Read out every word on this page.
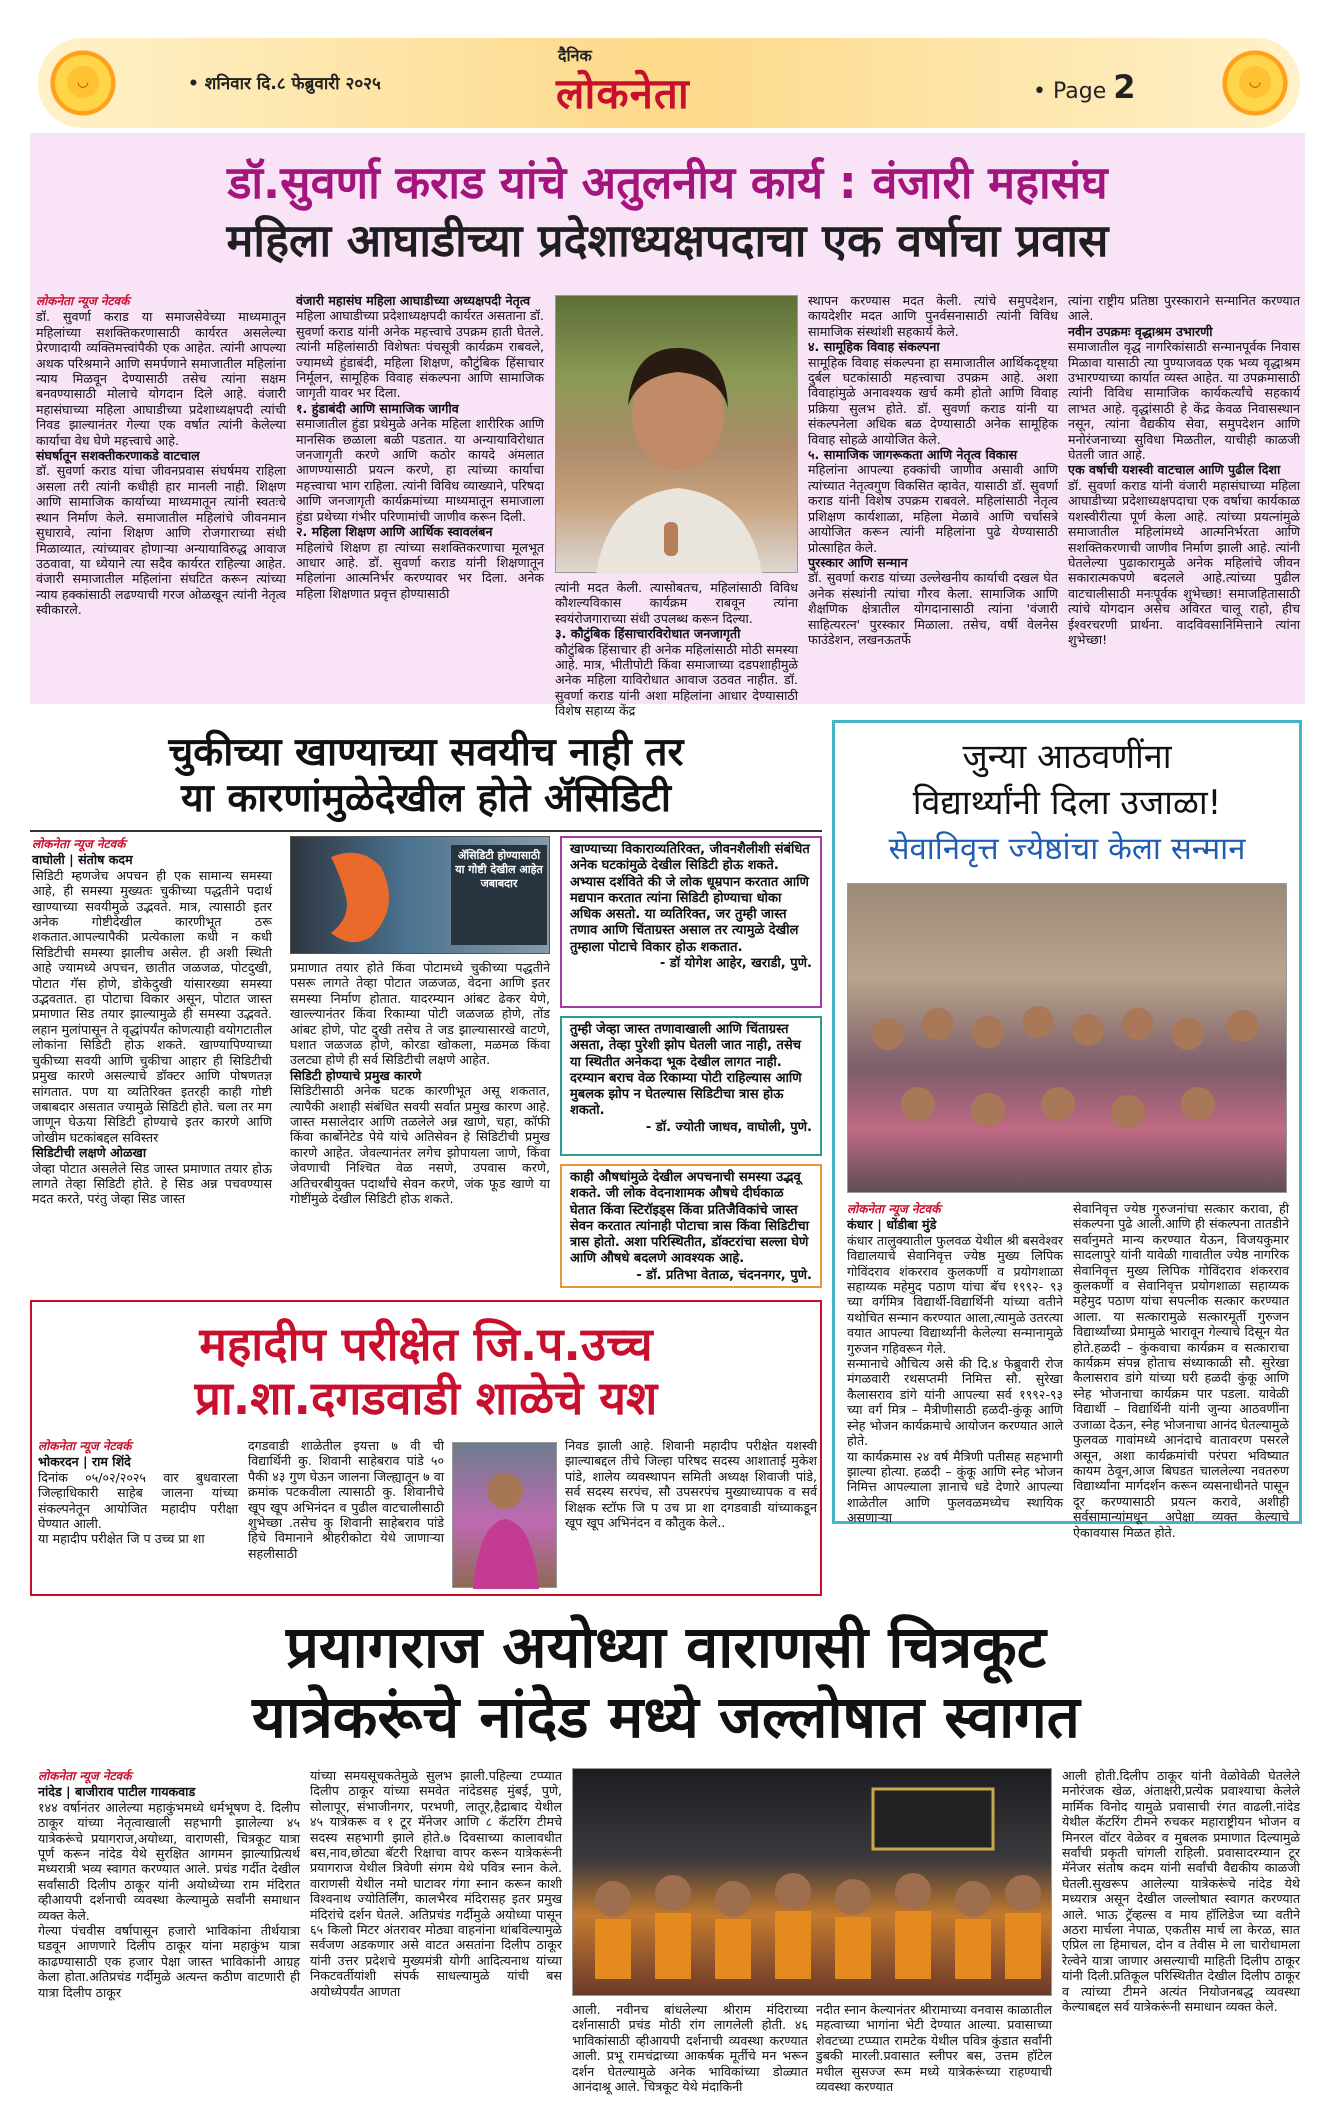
◡	• शनिवार दि.८ फेब्रुवारी २०२५
दैनिक
लोकनेता	• Page 2	◡
डॉ.सुवर्णा कराड यांचे अतुलनीय कार्य : वंजारी महासंघ
महिला आघाडीच्या प्रदेशाध्यक्षपदाचा एक वर्षाचा प्रवास
लोकनेता न्यूज नेटवर्क
डॉ. सुवर्णा कराड या समाजसेवेच्या माध्यमातून महिलांच्या सशक्तिकरणासाठी कार्यरत असलेल्या प्रेरणादायी व्यक्तिमत्त्वांपैकी एक आहेत. त्यांनी आपल्या अथक परिश्रमाने आणि समर्पणाने समाजातील महिलांना न्याय मिळवून देण्यासाठी तसेच त्यांना सक्षम बनवण्यासाठी मोलाचे योगदान दिले आहे. वंजारी महासंघाच्या महिला आघाडीच्या प्रदेशाध्यक्षपदी त्यांची निवड झाल्यानंतर गेल्या एक वर्षात त्यांनी केलेल्या कार्याचा वेध घेणे महत्त्वाचे आहे.
संघर्षातून सशक्तीकरणाकडे वाटचाल
डॉ. सुवर्णा कराड यांचा जीवनप्रवास संघर्षमय राहिला असला तरी त्यांनी कधीही हार मानली नाही. शिक्षण आणि सामाजिक कार्याच्या माध्यमातून त्यांनी स्वतःचे स्थान निर्माण केले. समाजातील महिलांचे जीवनमान सुधारावे, त्यांना शिक्षण आणि रोजगाराच्या संधी मिळाव्यात, त्यांच्यावर होणाऱ्या अन्यायाविरुद्ध आवाज उठवावा, या ध्येयाने त्या सदैव कार्यरत राहिल्या आहेत. वंजारी समाजातील महिलांना संघटित करून त्यांच्या न्याय हक्कांसाठी लढण्याची गरज ओळखून त्यांनी नेतृत्व स्वीकारले.
वंजारी महासंघ महिला आघाडीच्या अध्यक्षपदी नेतृत्व
महिला आघाडीच्या प्रदेशाध्यक्षपदी कार्यरत असताना डॉ. सुवर्णा कराड यांनी अनेक महत्त्वाचे उपक्रम हाती घेतले. त्यांनी महिलांसाठी विशेषतः पंचसूत्री कार्यक्रम राबवले, ज्यामध्ये हुंडाबंदी, महिला शिक्षण, कौटुंबिक हिंसाचार निर्मूलन, सामूहिक विवाह संकल्पना आणि सामाजिक जागृती यावर भर दिला.
१. हुंडाबंदी आणि सामाजिक जागीव
समाजातील हुंडा प्रथेमुळे अनेक महिला शारीरिक आणि मानसिक छळाला बळी पडतात. या अन्यायाविरोधात जनजागृती करणे आणि कठोर कायदे अंमलात आणण्यासाठी प्रयत्न करणे, हा त्यांच्या कार्याचा महत्त्वाचा भाग राहिला. त्यांनी विविध व्याख्याने, परिषदा आणि जनजागृती कार्यक्रमांच्या माध्यमातून समाजाला हुंडा प्रथेच्या गंभीर परिणामांची जाणीव करून दिली.
२. महिला शिक्षण आणि आर्थिक स्वावलंबन
महिलांचे शिक्षण हा त्यांच्या सशक्तिकरणाचा मूलभूत आधार आहे. डॉ. सुवर्णा कराड यांनी शिक्षणातून महिलांना आत्मनिर्भर करण्यावर भर दिला. अनेक महिला शिक्षणात प्रवृत्त होण्यासाठी	त्यांनी मदत केली. त्यासोबतच, महिलांसाठी विविध कौशल्यविकास कार्यक्रम राबवून त्यांना स्वयंरोजगाराच्या संधी उपलब्ध करून दिल्या.
३. कौटुंबिक हिंसाचारविरोधात जनजागृती
कौटुंबिक हिंसाचार ही अनेक महिलांसाठी मोठी समस्या आहे. मात्र, भीतीपोटी किंवा समाजाच्या दडपशाहीमुळे अनेक महिला याविरोधात आवाज उठवत नाहीत. डॉ. सुवर्णा कराड यांनी अशा महिलांना आधार देण्यासाठी विशेष सहाय्य केंद्र
स्थापन करण्यास मदत केली. त्यांचे समुपदेशन, कायदेशीर मदत आणि पुनर्वसनासाठी त्यांनी विविध सामाजिक संस्थांशी सहकार्य केले.
४. सामूहिक विवाह संकल्पना
सामूहिक विवाह संकल्पना हा समाजातील आर्थिकदृष्ट्या दुर्बल घटकांसाठी महत्त्वाचा उपक्रम आहे. अशा विवाहांमुळे अनावश्यक खर्च कमी होतो आणि विवाह प्रक्रिया सुलभ होते. डॉ. सुवर्णा कराड यांनी या संकल्पनेला अधिक बळ देण्यासाठी अनेक सामूहिक विवाह सोहळे आयोजित केले.
५. सामाजिक जागरूकता आणि नेतृत्व विकास
महिलांना आपल्या हक्कांची जाणीव असावी आणि त्यांच्यात नेतृत्वगुण विकसित व्हावेत, यासाठी डॉ. सुवर्णा कराड यांनी विशेष उपक्रम राबवले. महिलांसाठी नेतृत्व प्रशिक्षण कार्यशाळा, महिला मेळावे आणि चर्चासत्रे आयोजित करून त्यांनी महिलांना पुढे येण्यासाठी प्रोत्साहित केले.
पुरस्कार आणि सन्मान
डॉ. सुवर्णा कराड यांच्या उल्लेखनीय कार्याची दखल घेत अनेक संस्थांनी त्यांचा गौरव केला. सामाजिक आणि शैक्षणिक क्षेत्रातील योगदानासाठी त्यांना 'वंजारी साहित्यरत्न' पुरस्कार मिळाला. तसेच, वर्षी वेलनेस फाउंडेशन, लखनऊतर्फे
त्यांना राष्ट्रीय प्रतिष्ठा पुरस्काराने सन्मानित करण्यात आले.
नवीन उपक्रमः वृद्धाश्रम उभारणी
समाजातील वृद्ध नागरिकांसाठी सन्मानपूर्वक निवास मिळावा यासाठी त्या पुण्याजवळ एक भव्य वृद्धाश्रम उभारण्याच्या कार्यात व्यस्त आहेत. या उपक्रमासाठी त्यांनी विविध सामाजिक कार्यकर्त्यांचे सहकार्य लाभत आहे. वृद्धांसाठी हे केंद्र केवळ निवासस्थान नसून, त्यांना वैद्यकीय सेवा, समुपदेशन आणि मनोरंजनाच्या सुविधा मिळतील, याचीही काळजी घेतली जात आहे.
एक वर्षाची यशस्वी वाटचाल आणि पुढील दिशा
डॉ. सुवर्णा कराड यांनी वंजारी महासंघाच्या महिला आघाडीच्या प्रदेशाध्यक्षपदाचा एक वर्षाचा कार्यकाळ यशस्वीरीत्या पूर्ण केला आहे. त्यांच्या प्रयत्नांमुळे समाजातील महिलांमध्ये आत्मनिर्भरता आणि सशक्तिकरणाची जाणीव निर्माण झाली आहे. त्यांनी घेतलेल्या पुढाकारामुळे अनेक महिलांचे जीवन सकारात्मकपणे बदलले आहे.त्यांच्या पुढील वाटचालीसाठी मनःपूर्वक शुभेच्छा! समाजहितासाठी त्यांचे योगदान असेच अविरत चालू राहो, हीच ईश्वरचरणी प्रार्थना. वादविवसानिमित्ताने त्यांना शुभेच्छा!
चुकीच्या खाण्याच्या सवयीच नाही तर
या कारणांमुळेदेखील होते ॲसिडिटी
लोकनेता न्यूज नेटवर्क
वाघोली | संतोष कदम
सिडिटी म्हणजेच अपचन ही एक सामान्य समस्या आहे, ही समस्या मुख्यतः चुकीच्या पद्धतीने पदार्थ खाण्याच्या सवयीमुळे उद्भवते. मात्र, त्यासाठी इतर अनेक गोष्टीदेखील कारणीभूत ठरू शकतात.आपल्यापैकी प्रत्येकाला कधी न कधी सिडिटीची समस्या झालीच असेल. ही अशी स्थिती आहे ज्यामध्ये अपचन, छातीत जळजळ, पोटदुखी, पोटात गॅस होणे, डोकेदुखी यांसारख्या समस्या उद्भवतात. हा पोटाचा विकार असून, पोटात जास्त प्रमाणात सिड तयार झाल्यामुळे ही समस्या उद्भवते. लहान मुलांपासून ते वृद्धांपर्यंत कोणत्याही वयोगटातील लोकांना सिडिटी होऊ शकते. खाण्यापिण्याच्या चुकीच्या सवयी आणि चुकीचा आहार ही सिडिटीची प्रमुख कारणे असल्याचे डॉक्टर आणि पोषणतज्ञ सांगतात. पण या व्यतिरिक्त इतरही काही गोष्टी जबाबदार असतात ज्यामुळे सिडिटी होते. चला तर मग जाणून घेऊया सिडिटी होण्याचे इतर कारणे आणि जोखीम घटकांबद्दल सविस्तर
सिडिटीची लक्षणे ओळखा
जेव्हा पोटात असलेले सिड जास्त प्रमाणात तयार होऊ लागते तेव्हा सिडिटी होते. हे सिड अन्न पचवण्यास मदत करते, परंतु जेव्हा सिड जास्त
ॲसिडिटी होण्यासाठी या गोष्टी देखील आहेत जबाबदार
प्रमाणात तयार होते किंवा पोटामध्ये चुकीच्या पद्धतीने पसरू लागते तेव्हा पोटात जळजळ, वेदना आणि इतर समस्या निर्माण होतात. यादरम्यान आंबट ढेकर येणे, खाल्ल्यानंतर किंवा रिकाम्या पोटी जळजळ होणे, तोंड आंबट होणे, पोट दुखी तसेच ते जड झाल्यासारखे वाटणे, घशात जळजळ होणे, कोरडा खोकला, मळमळ किंवा उलट्या होणे ही सर्व सिडिटीची लक्षणे आहेत.
सिडिटी होण्याचे प्रमुख कारणे
सिडिटीसाठी अनेक घटक कारणीभूत असू शकतात, त्यापैकी अशाही संबंधित सवयी सर्वात प्रमुख कारण आहे. जास्त मसालेदार आणि तळलेले अन्न खाणे, चहा, कॉफी किंवा कार्बोनेटेड पेये यांचे अतिसेवन हे सिडिटीची प्रमुख कारणे आहेत. जेवल्यानंतर लगेच झोपायला जाणे, किंवा जेवणाची निश्चित वेळ नसणे, उपवास करणे, अतिचरबीयुक्त पदार्थांचे सेवन करणे, जंक फूड खाणे या गोष्टींमुळे देखील सिडिटी होऊ शकते.
खाण्याच्या विकाराव्यतिरिक्त, जीवनशैलीशी संबंधित अनेक घटकांमुळे देखील सिडिटी होऊ शकते. अभ्यास दर्शविते की जे लोक धूम्रपान करतात आणि मद्यपान करतात त्यांना सिडिटी होण्याचा धोका अधिक असतो. या व्यतिरिक्त, जर तुम्ही जास्त तणाव आणि चिंताग्रस्त असाल तर त्यामुळे देखील तुम्हाला पोटाचे विकार होऊ शकतात.
- डॉ योगेश आहेर, खराडी, पुणे.
तुम्ही जेव्हा जास्त तणावाखाली आणि चिंताग्रस्त असता, तेव्हा पुरेशी झोप घेतली जात नाही, तसेच या स्थितीत अनेकदा भूक देखील लागत नाही. दरम्यान बराच वेळ रिकाम्या पोटी राहिल्यास आणि मुबलक झोप न घेतल्यास सिडिटीचा त्रास होऊ शकतो.
- डॉ. ज्योती जाधव, वाघोली, पुणे.
काही औषधांमुळे देखील अपचनाची समस्या उद्भवू शकते. जी लोक वेदनाशामक औषधे दीर्घकाळ घेतात किंवा स्टिरॉइड्स किंवा प्रतिजैविकांचे जास्त सेवन करतात त्यांनाही पोटाचा त्रास किंवा सिडिटीचा त्रास होतो. अशा परिस्थितीत, डॉक्टरांचा सल्ला घेणे आणि औषधे बदलणे आवश्यक आहे.
- डॉ. प्रतिभा वेताळ, चंदननगर, पुणे.
जुन्या आठवणींना
विद्यार्थ्यांनी दिला उजाळा!
सेवानिवृत्त ज्येष्ठांचा केला सन्मान
लोकनेता न्यूज नेटवर्क
कंधार | धोंडीबा मुंडे
कंधार तालुक्यातील फुलवळ येथील श्री बसवेश्वर विद्यालयाचे सेवानिवृत्त ज्येष्ठ मुख्य लिपिक गोविंदराव शंकरराव कुलकर्णी व प्रयोगशाळा सहाय्यक महेमुद पठाण यांचा बॅच १९९२- ९३ च्या वर्गमित्र विद्यार्थी-विद्यार्थिनी यांच्या वतीने यथोचित सन्मान करण्यात आला,त्यामुळे उतरत्या वयात आपल्या विद्यार्थ्यांनी केलेल्या सन्मानामुळे गुरुजन गहिवरून गेले.
सन्मानाचे औचित्य असे की दि.४ फेब्रुवारी रोज मंगळवारी रथसप्तमी निमित्त सौ. सुरेखा कैलासराव डांगे यांनी आपल्या सर्व १९९२-९३ च्या वर्ग मित्र – मैत्रीणीसाठी हळदी-कुंकू आणि स्नेह भोजन कार्यक्रमाचे आयोजन करण्यात आले होते.
या कार्यक्रमास २४ वर्ष मैत्रिणी पतीसह सहभागी झाल्या होत्या. हळदी – कुंकू आणि स्नेह भोजन निमित्त आपल्याला ज्ञानाचे धडे देणारे आपल्या शाळेतील आणि फुलवळमध्येच स्थायिक असणाऱ्या
सेवानिवृत्त ज्येष्ठ गुरुजनांचा सत्कार करावा, ही संकल्पना पुढे आली.आणि ही संकल्पना तातडीने सर्वानुमते मान्य करण्यात येऊन, विजयकुमार सादलापुरे यांनी यावेळी गावातील ज्येष्ठ नागरिक सेवानिवृत्त मुख्य लिपिक गोविंदराव शंकरराव कुलकर्णी व सेवानिवृत्त प्रयोगशाळा सहाय्यक महेमुद पठाण यांचा सपत्नीक सत्कार करण्यात आला. या सत्कारामुळे सत्कारमूर्ती गुरुजन विद्यार्थ्यांच्या प्रेमामुळे भारावून गेल्याचे दिसून येत होते.हळदी – कुंकवाचा कार्यक्रम व सत्काराचा कार्यक्रम संपन्न होताच संध्याकाळी सौ. सुरेखा कैलासराव डांगे यांच्या घरी हळदी कुंकू आणि स्नेह भोजनाचा कार्यक्रम पार पडला. यावेळी विद्यार्थी – विद्यार्थिनी यांनी जुन्या आठवणींना उजाळा देऊन, स्नेह भोजनाचा आनंद घेतल्यामुळे फुलवळ गावांमध्ये आनंदाचे वातावरण पसरले असून, अशा कार्यक्रमांची परंपरा भविष्यात कायम ठेवून,आज बिघडत चाललेल्या नवतरुण विद्यार्थ्यांना मार्गदर्शन करून व्यसनाधीनते पासून दूर करण्यासाठी प्रयत्न करावे, अशीही सर्वसामान्यांमधून अपेक्षा व्यक्त केल्याचे ऐकावयास मिळत होते.
महादीप परीक्षेत जि.प.उच्च
प्रा.शा.दगडवाडी शाळेचे यश
लोकनेता न्यूज नेटवर्क
भोकरदन | राम शिंदे
दिनांक ०५/०२/२०२५ वार बुधवारला जिल्हाधिकारी साहेब जालना यांच्या संकल्पनेतून आयोजित महादीप परीक्षा घेण्यात आली.
या महादीप परीक्षेत जि प उच्च प्रा शा
दगडवाडी शाळेतील इयत्ता ७ वी ची विद्यार्थिनी कु. शिवानी साहेबराव पांडे ५० पैकी ४३ गुण घेऊन जालना जिल्ह्यातून ७ वा क्रमांक पटकवीला त्यासाठी कु. शिवानीचे खूप खूप अभिनंदन व पुढील वाटचालीसाठी शुभेच्छा .तसेच कु शिवानी साहेबराव पांडे हिचे विमानाने श्रीहरीकोटा येथे जाणाऱ्या सहलीसाठी
निवड झाली आहे. शिवानी महादीप परीक्षेत यशस्वी झाल्याबद्दल तीचे जिल्हा परिषद सदस्य आशाताई मुकेश पांडे, शालेय व्यवस्थापन समिती अध्यक्ष शिवाजी पांडे, सर्व सदस्य सरपंच, सौ उपसरपंच मुख्याध्यापक व सर्व शिक्षक स्टॉफ जि प उच प्रा शा दगडवाडी यांच्याकडून खूप खूप अभिनंदन व कौतुक केले..
प्रयागराज अयोध्या वाराणसी चित्रकूट
यात्रेकरूंचे नांदेड मध्ये जल्लोषात स्वागत
लोकनेता न्यूज नेटवर्क
नांदेड | बाजीराव पाटील गायकवाड
१४४ वर्षानंतर आलेल्या महाकुंभमध्ये धर्मभूषण दे. दिलीप ठाकूर यांच्या नेतृत्वाखाली सहभागी झालेल्या ४५ यात्रेकरूंचे प्रयागराज,अयोध्या, वाराणसी, चित्रकूट यात्रा पूर्ण करून नांदेड येथे सुरक्षित आगमन झाल्याप्रित्यर्थ मध्यरात्री भव्य स्वागत करण्यात आले. प्रचंड गर्दीत देखील सर्वांसाठी दिलीप ठाकूर यांनी अयोध्येच्या राम मंदिरात व्हीआयपी दर्शनाची व्यवस्था केल्यामुळे सर्वांनी समाधान व्यक्त केले.
गेल्या पंचवीस वर्षापासून हजारो भाविकांना तीर्थयात्रा घडवून आणणारे दिलीप ठाकूर यांना महाकुंभ यात्रा काढण्यासाठी एक हजार पेक्षा जास्त भाविकांनी आग्रह केला होता.अतिप्रचंड गर्दीमुळे अत्यन्त कठीण वाटणारी ही यात्रा दिलीप ठाकूर
यांच्या समयसूचकतेमुळे सुलभ झाली.पहिल्या टप्प्यात दिलीप ठाकूर यांच्या समवेत नांदेडसह मुंबई, पुणे, सोलापूर, संभाजीनगर, परभणी, लातूर,हैद्राबाद येथील ४५ यात्रेकरू व १ टूर मॅनेजर आणि ८ कॅटरिंग टीमचे सदस्य सहभागी झाले होते.७ दिवसाच्या कालावधीत बस,नाव,छोट्या बॅटरी रिक्षाचा वापर करून यात्रेकरूंनी प्रयागराज येथील त्रिवेणी संगम येथे पवित्र स्नान केले. वाराणसी येथील नमो घाटावर गंगा स्नान करून काशी विश्वनाथ ज्योतिर्लिंग, कालभैरव मंदिरासह इतर प्रमुख मंदिरांचे दर्शन घेतले. अतिप्रचंड गर्दीमुळे अयोध्या पासून ६५ किलो मिटर अंतरावर मोठ्या वाहनांना थांबविल्यामुळे सर्वजण अडकणार असे वाटत असतांना दिलीप ठाकूर यांनी उत्तर प्रदेशचे मुख्यमंत्री योगी आदित्यनाथ यांच्या निकटवर्तीयांशी संपर्क साधल्यामुळे यांची बस अयोध्येपर्यंत आणता
आली. नवीनच बांधलेल्या श्रीराम मंदिराच्या दर्शनासाठी प्रचंड मोठी रांग लागलेली होती. ४६ भाविकांसाठी व्हीआयपी दर्शनाची व्यवस्था करण्यात आली. प्रभू रामचंद्राच्या आकर्षक मूर्तीचे मन भरून दर्शन घेतल्यामुळे अनेक भाविकांच्या डोळ्यात आनंदाश्रू आले. चित्रकूट येथे मंदाकिनी
नदीत स्नान केल्यानंतर श्रीरामाच्या वनवास काळातील महत्वाच्या भागांना भेटी देण्यात आल्या. प्रवासाच्या शेवटच्या टप्प्यात रामटेक येथील पवित्र कुंडात सर्वांनी डुबकी मारली.प्रवासात स्लीपर बस, उत्तम हॉटेल मधील सुसज्ज रूम मध्ये यात्रेकरूंच्या राहण्याची व्यवस्था करण्यात
आली होती.दिलीप ठाकूर यांनी वेळोवेळी घेतलेले मनोरंजक खेळ, अंताक्षरी,प्रत्येक प्रवाश्याचा केलेले मार्मिक विनोद यामुळे प्रवासाची रंगत वाढली.नांदेड येथील कॅटरिंग टीमने रुचकर महाराष्ट्रीयन भोजन व मिनरल वॉटर वेळेवर व मुबलक प्रमाणात दिल्यामुळे सर्वांची प्रकृती चांगली राहिली. प्रवासादरम्यान टूर मॅनेजर संतोष कदम यांनी सर्वांची वैद्यकीय काळजी घेतली.सुखरूप आलेल्या यात्रेकरूंचे नांदेड येथे मध्यरात्र असून देखील जल्लोषात स्वागत करण्यात आले. भाऊ ट्रॅव्हल्स व माय हॉलिडेज च्या वतीने अठरा मार्चला नेपाळ, एकतीस मार्च ला केरळ, सात एप्रिल ला हिमाचल, दोन व तेवीस मे ला चारोधामला रेल्वेने यात्रा जाणार असल्याची माहिती दिलीप ठाकूर यांनी दिली.प्रतिकूल परिस्थितीत देखील दिलीप ठाकूर व त्यांच्या टीमने अत्यंत नियोजनबद्ध व्यवस्था केल्याबद्दल सर्व यात्रेकरूंनी समाधान व्यक्त केले.
